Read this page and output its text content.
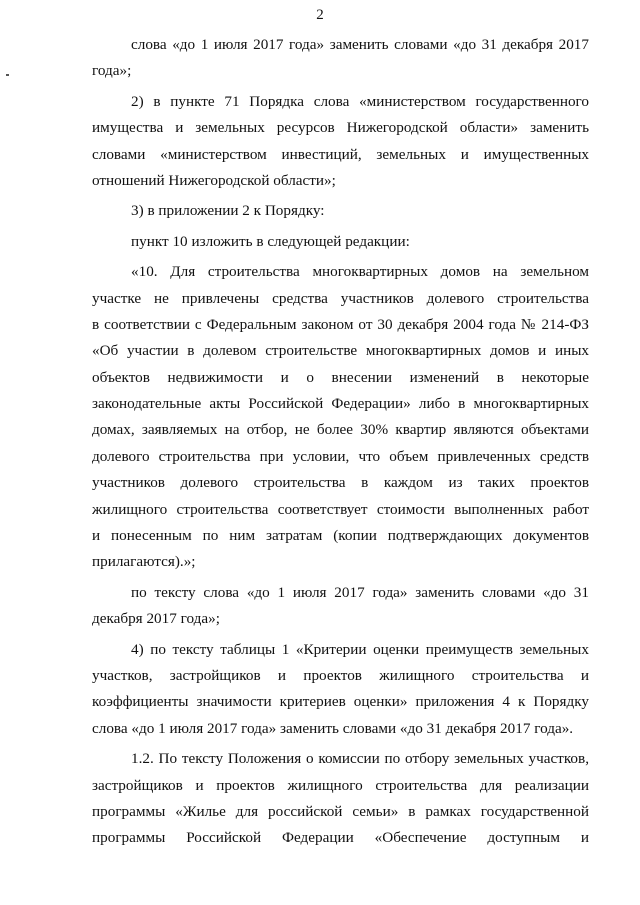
2
слова «до 1 июля 2017 года» заменить словами «до 31 декабря 2017
года»;
2) в пункте 71 Порядка слова «министерством государственного
имущества и земельных ресурсов Нижегородской области» заменить
словами «министерством инвестиций, земельных и имущественных
отношений Нижегородской области»;
3) в приложении 2 к Порядку:
пункт 10 изложить в следующей редакции:
«10. Для строительства многоквартирных домов на земельном
участке не привлечены средства участников долевого строительства
в соответствии с Федеральным законом от 30 декабря 2004 года № 214-ФЗ
«Об участии в долевом строительстве многоквартирных домов и иных
объектов недвижимости и о внесении изменений в некоторые
законодательные акты Российской Федерации» либо в многоквартирных
домах, заявляемых на отбор, не более 30% квартир являются объектами
долевого строительства при условии, что объем привлеченных средств
участников долевого строительства в каждом из таких проектов
жилищного строительства соответствует стоимости выполненных работ
и понесенным по ним затратам (копии подтверждающих документов
прилагаются).»;
по тексту слова «до 1 июля 2017 года» заменить словами «до 31
декабря 2017 года»;
4) по тексту таблицы 1 «Критерии оценки преимуществ земельных
участков, застройщиков и проектов жилищного строительства и
коэффициенты значимости критериев оценки» приложения 4 к Порядку
слова «до 1 июля 2017 года» заменить словами «до 31 декабря 2017 года».
1.2. По тексту Положения о комиссии по отбору земельных участков,
застройщиков и проектов жилищного строительства для реализации
программы «Жилье для российской семьи» в рамках государственной
программы Российской Федерации «Обеспечение доступным и
